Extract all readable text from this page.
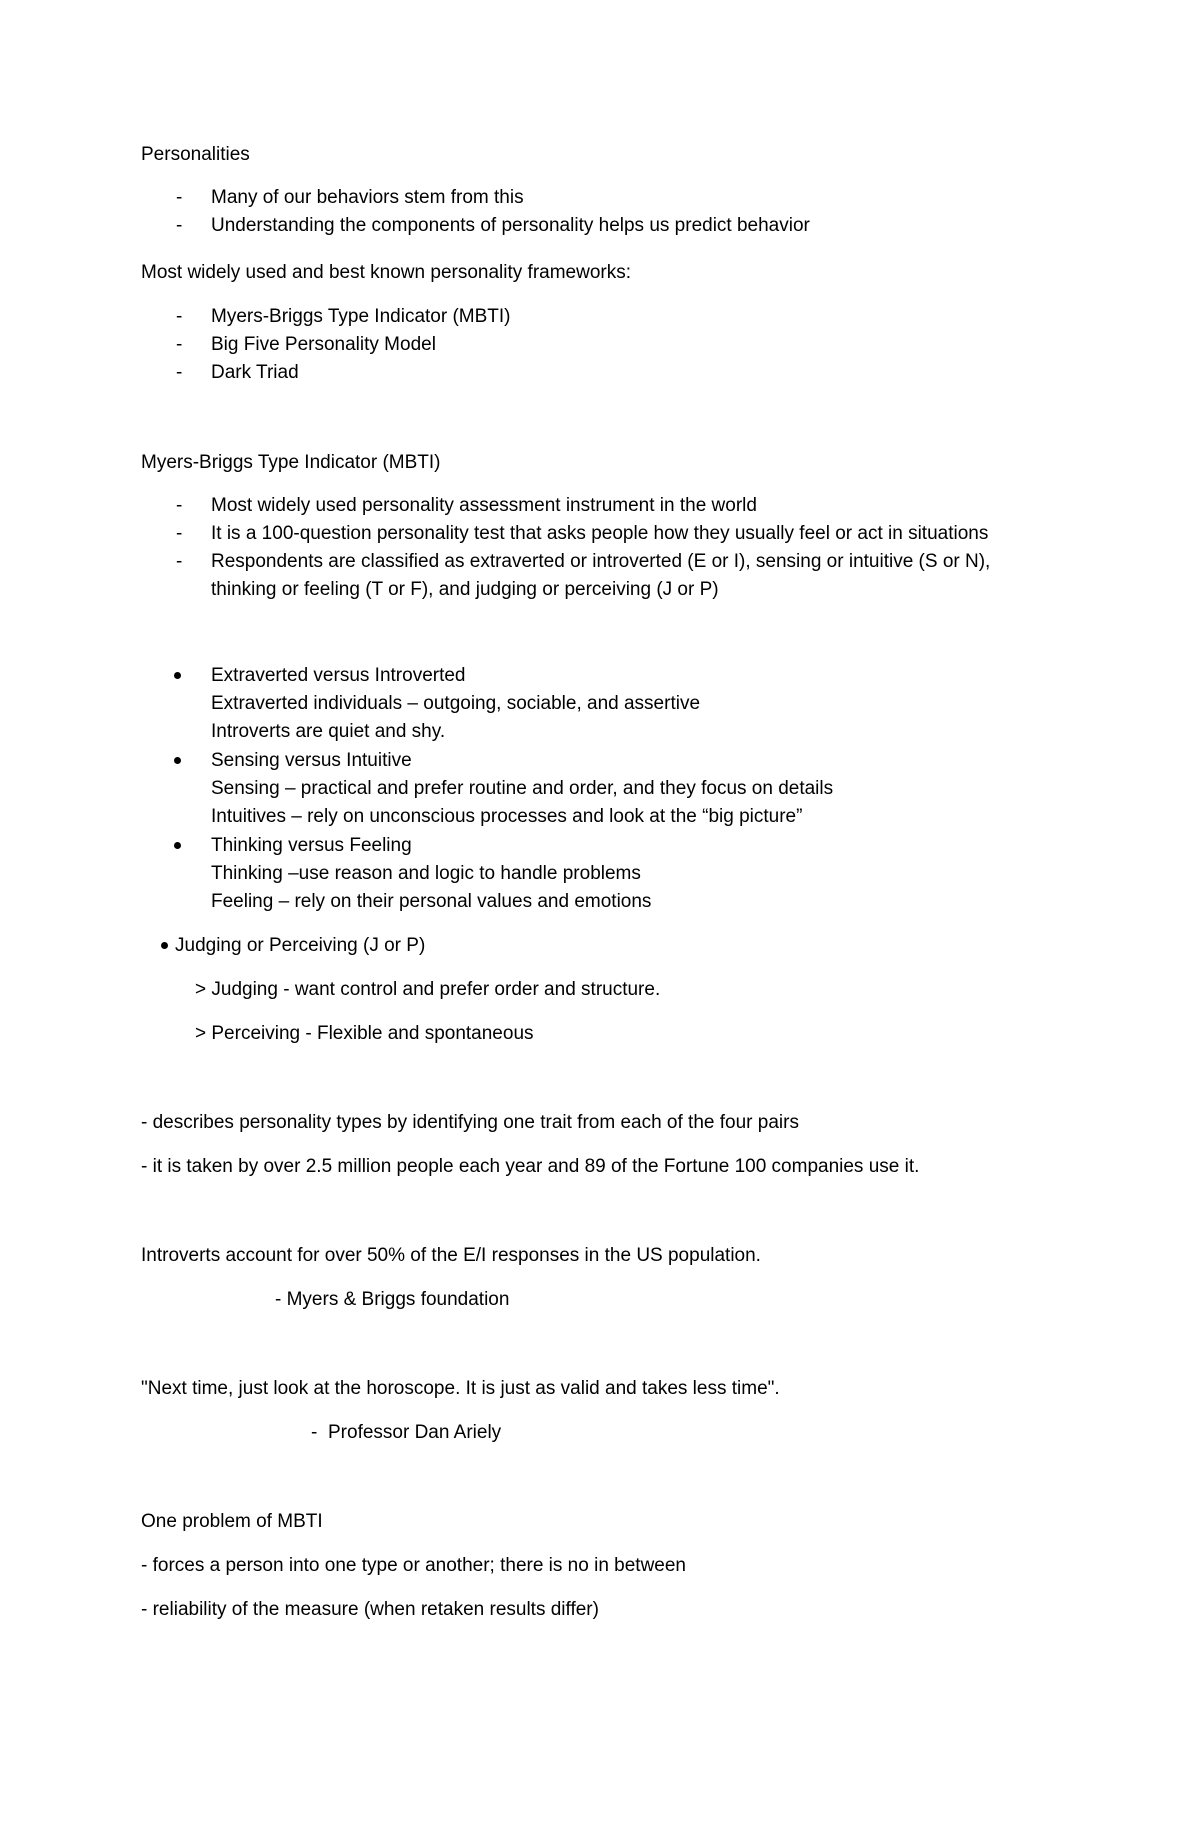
Personalities
- Many of our behaviors stem from this
- Understanding the components of personality helps us predict behavior
Most widely used and best known personality frameworks:
- Myers-Briggs Type Indicator (MBTI)
- Big Five Personality Model
- Dark Triad
Myers-Briggs Type Indicator (MBTI)
- Most widely used personality assessment instrument in the world
- It is a 100-question personality test that asks people how they usually feel or act in situations
- Respondents are classified as extraverted or introverted (E or I), sensing or intuitive (S or N),
thinking or feeling (T or F), and judging or perceiving (J or P)
Extraverted versus Introverted
Extraverted individuals – outgoing, sociable, and assertive
Introverts are quiet and shy.
Sensing versus Intuitive
Sensing – practical and prefer routine and order, and they focus on details
Intuitives – rely on unconscious processes and look at the “big picture”
Thinking versus Feeling
Thinking –use reason and logic to handle problems
Feeling – rely on their personal values and emotions
Judging or Perceiving (J or P)
> Judging - want control and prefer order and structure.
> Perceiving - Flexible and spontaneous
- describes personality types by identifying one trait from each of the four pairs
- it is taken by over 2.5 million people each year and 89 of the Fortune 100 companies use it.
Introverts account for over 50% of the E/I responses in the US population.
- Myers & Briggs foundation
"Next time, just look at the horoscope. It is just as valid and takes less time".
- Professor Dan Ariely
One problem of MBTI
- forces a person into one type or another; there is no in between
- reliability of the measure (when retaken results differ)
